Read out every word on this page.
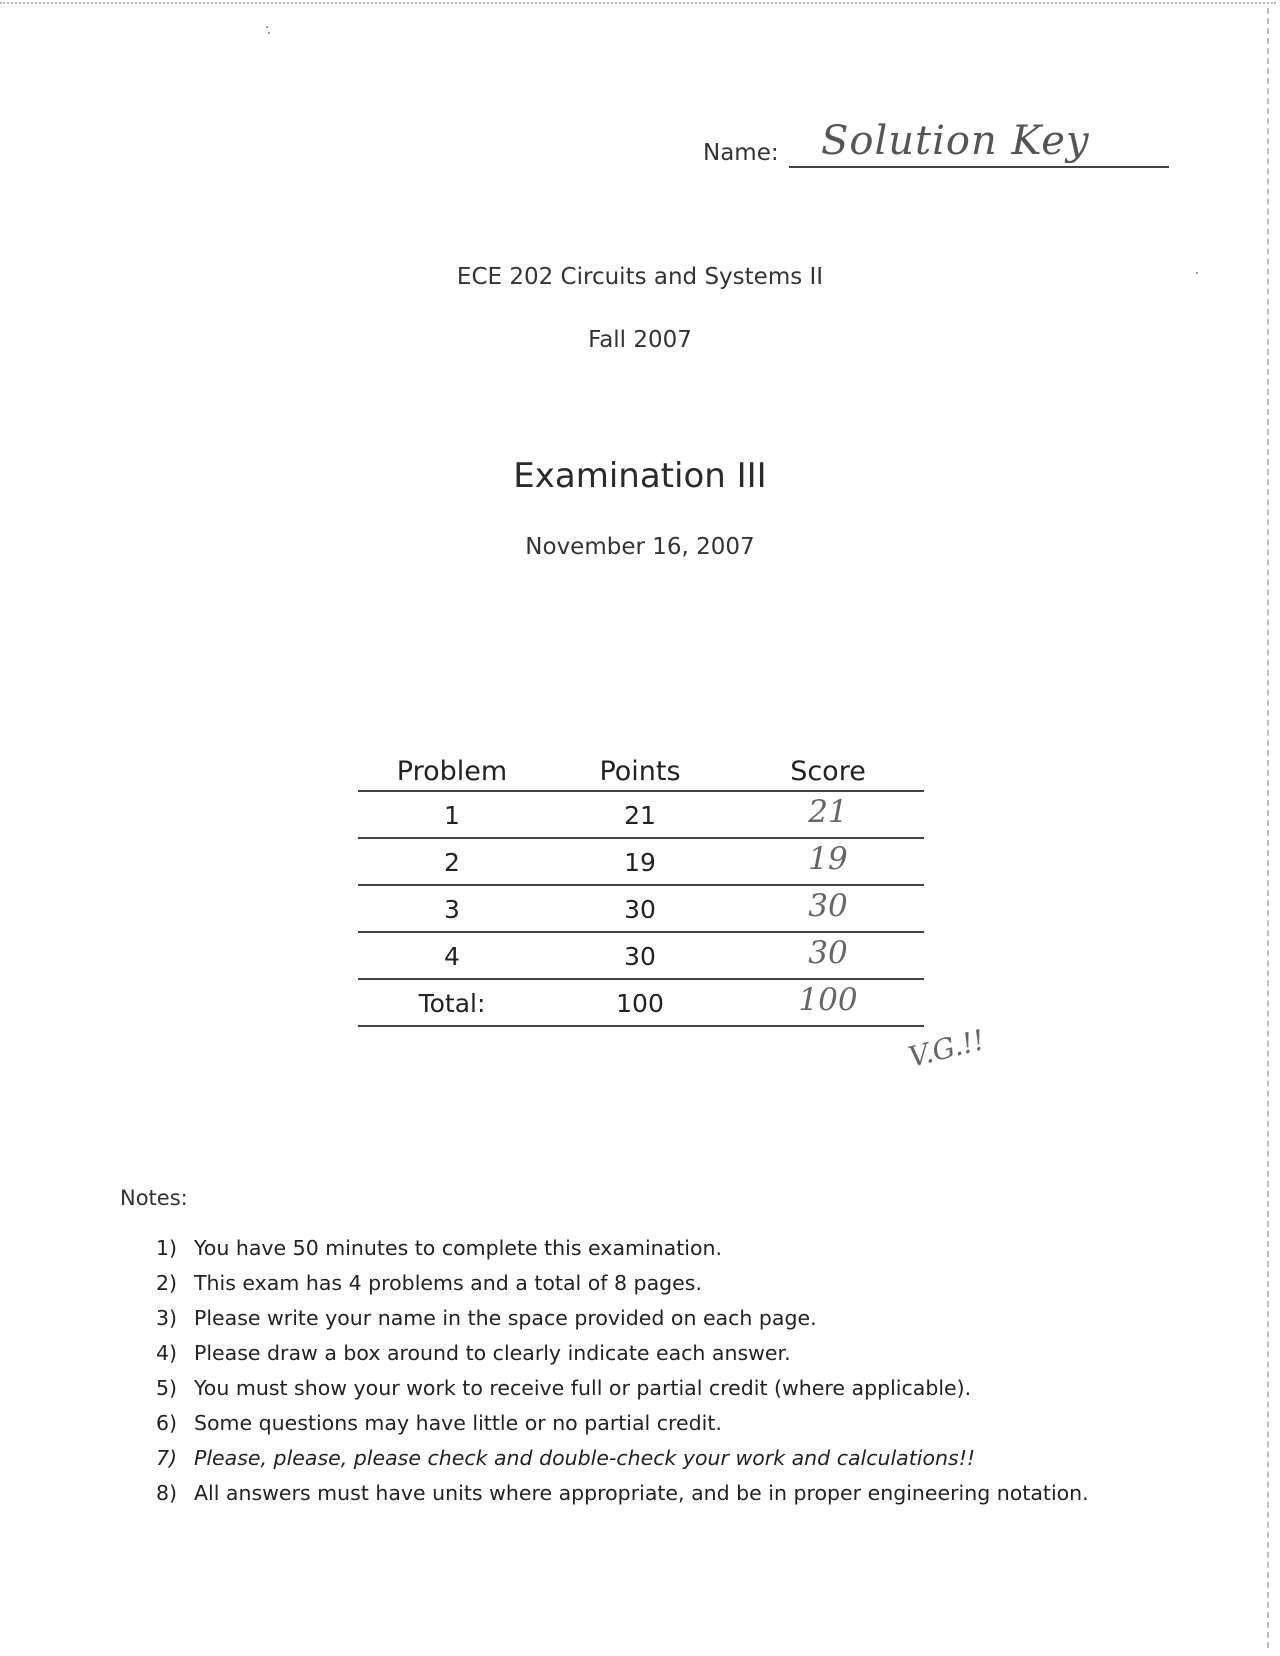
Name: Solution Key
ECE 202 Circuits and Systems II
Fall 2007
Examination III
November 16, 2007
Problem	Points	Score
1	21	21
2	19	19
3	30	30
4	30	30
Total:	100	100
V.G.!!
Notes:
1) You have 50 minutes to complete this examination.
2) This exam has 4 problems and a total of 8 pages.
3) Please write your name in the space provided on each page.
4) Please draw a box around to clearly indicate each answer.
5) You must show your work to receive full or partial credit (where applicable).
6) Some questions may have little or no partial credit.
7) Please, please, please check and double-check your work and calculations!!
8) All answers must have units where appropriate, and be in proper engineering notation.
